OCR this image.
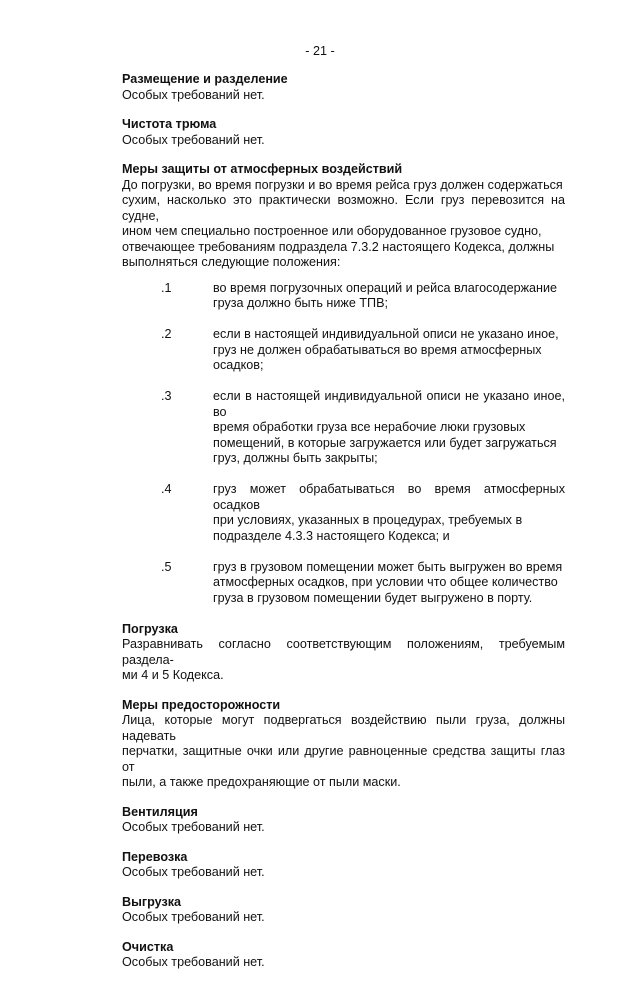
- 21 -
Размещение и разделение
Особых требований нет.
Чистота трюма
Особых требований нет.
Меры защиты от атмосферных воздействий
До погрузки, во время погрузки и во время рейса груз должен содержаться
сухим, насколько это практически возможно. Если груз перевозится на судне,
ином чем специально построенное или оборудованное грузовое судно,
отвечающее требованиям подраздела 7.3.2 настоящего Кодекса, должны
выполняться следующие положения:
.1	во время погрузочных операций и рейса влагосодержание
груза должно быть ниже ТПВ;
.2	если в настоящей индивидуальной описи не указано иное,
груз не должен обрабатываться во время атмосферных
осадков;
.3	если в настоящей индивидуальной описи не указано иное, во
время обработки груза все нерабочие люки грузовых
помещений, в которые загружается или будет загружаться
груз, должны быть закрыты;
.4	груз может обрабатываться во время атмосферных осадков
при условиях, указанных в процедурах, требуемых в
подразделе 4.3.3 настоящего Кодекса; и
.5	груз в грузовом помещении может быть выгружен во время
атмосферных осадков, при условии что общее количество
груза в грузовом помещении будет выгружено в порту.
Погрузка
Разравнивать согласно соответствующим положениям, требуемым раздела-
ми 4 и 5 Кодекса.
Меры предосторожности
Лица, которые могут подвергаться воздействию пыли груза, должны надевать
перчатки, защитные очки или другие равноценные средства защиты глаз от
пыли, а также предохраняющие от пыли маски.
Вентиляция
Особых требований нет.
Перевозка
Особых требований нет.
Выгрузка
Особых требований нет.
Очистка
Особых требований нет.
